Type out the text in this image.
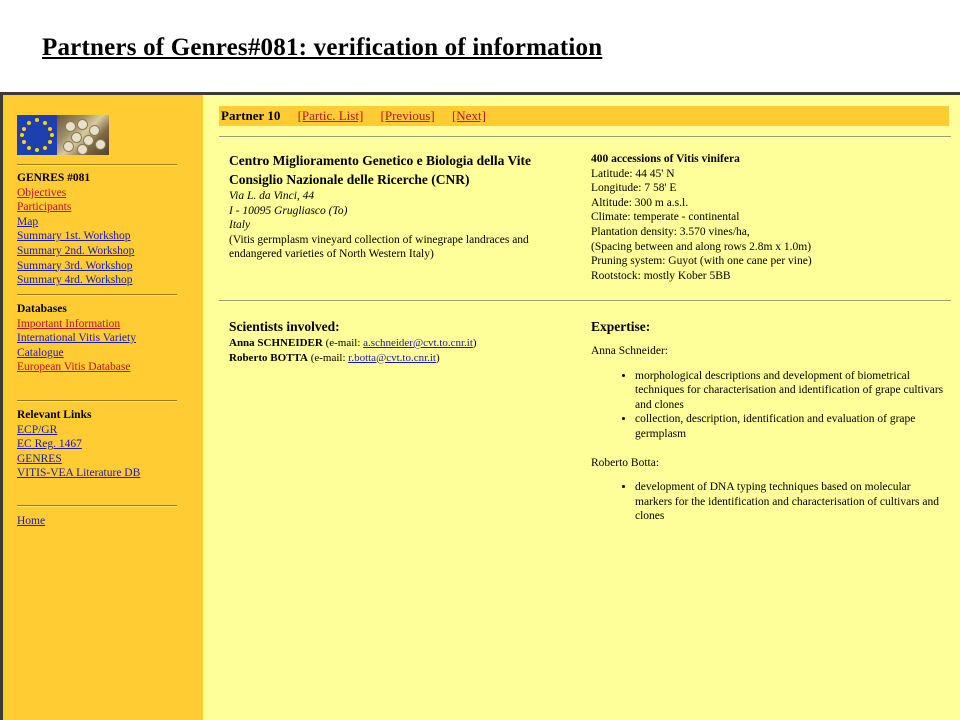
Partners of Genres#081: verification of information
GENRES #081
Objectives
Participants
Map
Summary 1st. Workshop
Summary 2nd. Workshop
Summary 3rd. Workshop
Summary 4rd. Workshop
Databases
Important Information
International Vitis Variety Catalogue
European Vitis Database
Relevant Links
ECP/GR
EC Reg. 1467
GENRES
VITIS-VEA Literature DB
Home
Partner 10 [Partic. List] [Previous] [Next]
Centro Miglioramento Genetico e Biologia della Vite
Consiglio Nazionale delle Ricerche (CNR)
Via L. da Vinci, 44
I - 10095 Grugliasco (To)
Italy
(Vitis germplasm vineyard collection of winegrape landraces and endangered varieties of North Western Italy)
400 accessions of Vitis vinifera
Latitude: 44 45' N
Longitude: 7 58' E
Altitude: 300 m a.s.l.
Climate: temperate - continental
Plantation density: 3.570 vines/ha,
(Spacing between and along rows 2.8m x 1.0m)
Pruning system: Guyot (with one cane per vine)
Rootstock: mostly Kober 5BB
Scientists involved:
Anna SCHNEIDER (e-mail: a.schneider@cvt.to.cnr.it)
Roberto BOTTA (e-mail: r.botta@cvt.to.cnr.it)
Expertise:

Anna Schneider:

• morphological descriptions and development of biometrical techniques for characterisation and identification of grape cultivars and clones
• collection, description, identification and evaluation of grape germplasm

Roberto Botta:

• development of DNA typing techniques based on molecular markers for the identification and characterisation of cultivars and clones
